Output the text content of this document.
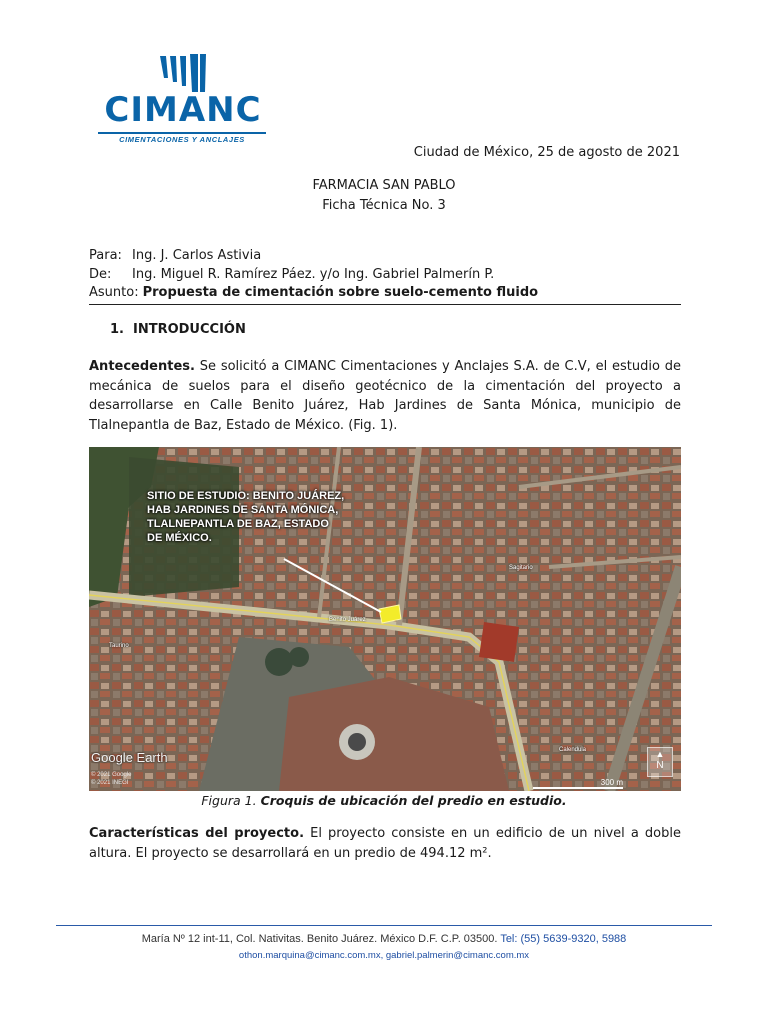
CIMANC
CIMENTACIONES Y ANCLAJES
Ciudad de México, 25 de agosto de 2021
FARMACIA SAN PABLO
Ficha Técnica No. 3
Para: Ing. J. Carlos Astivia
De:	Ing. Miguel R. Ramírez Páez. y/o Ing. Gabriel Palmerín P.
Asunto: Propuesta de cimentación sobre suelo-cemento fluido
1. INTRODUCCIÓN
Antecedentes. Se solicitó a CIMANC Cimentaciones y Anclajes S.A. de C.V, el estudio de mecánica de suelos para el diseño geotécnico de la cimentación del proyecto a desarrollarse en Calle Benito Juárez, Hab Jardines de Santa Mónica, municipio de Tlalnepantla de Baz, Estado de México. (Fig. 1).
SITIO DE ESTUDIO: BENITO JUÁREZ, HAB JARDINES DE SANTA MÓNICA, TLALNEPANTLA DE BAZ, ESTADO DE MÉXICO.
Benito Juárez
Sagitario
Taurino
Calendula
Google Earth
© 2021 Google
© 2021 INEGI	300 m
▲
N
Figura 1. Croquis de ubicación del predio en estudio.
Características del proyecto. El proyecto consiste en un edificio de un nivel a doble altura. El proyecto se desarrollará en un predio de 494.12 m².
María Nº 12 int-11, Col. Nativitas. Benito Juárez. México D.F. C.P. 03500. Tel: (55) 5639-9320, 5988
othon.marquina@cimanc.com.mx, gabriel.palmerin@cimanc.com.mx
